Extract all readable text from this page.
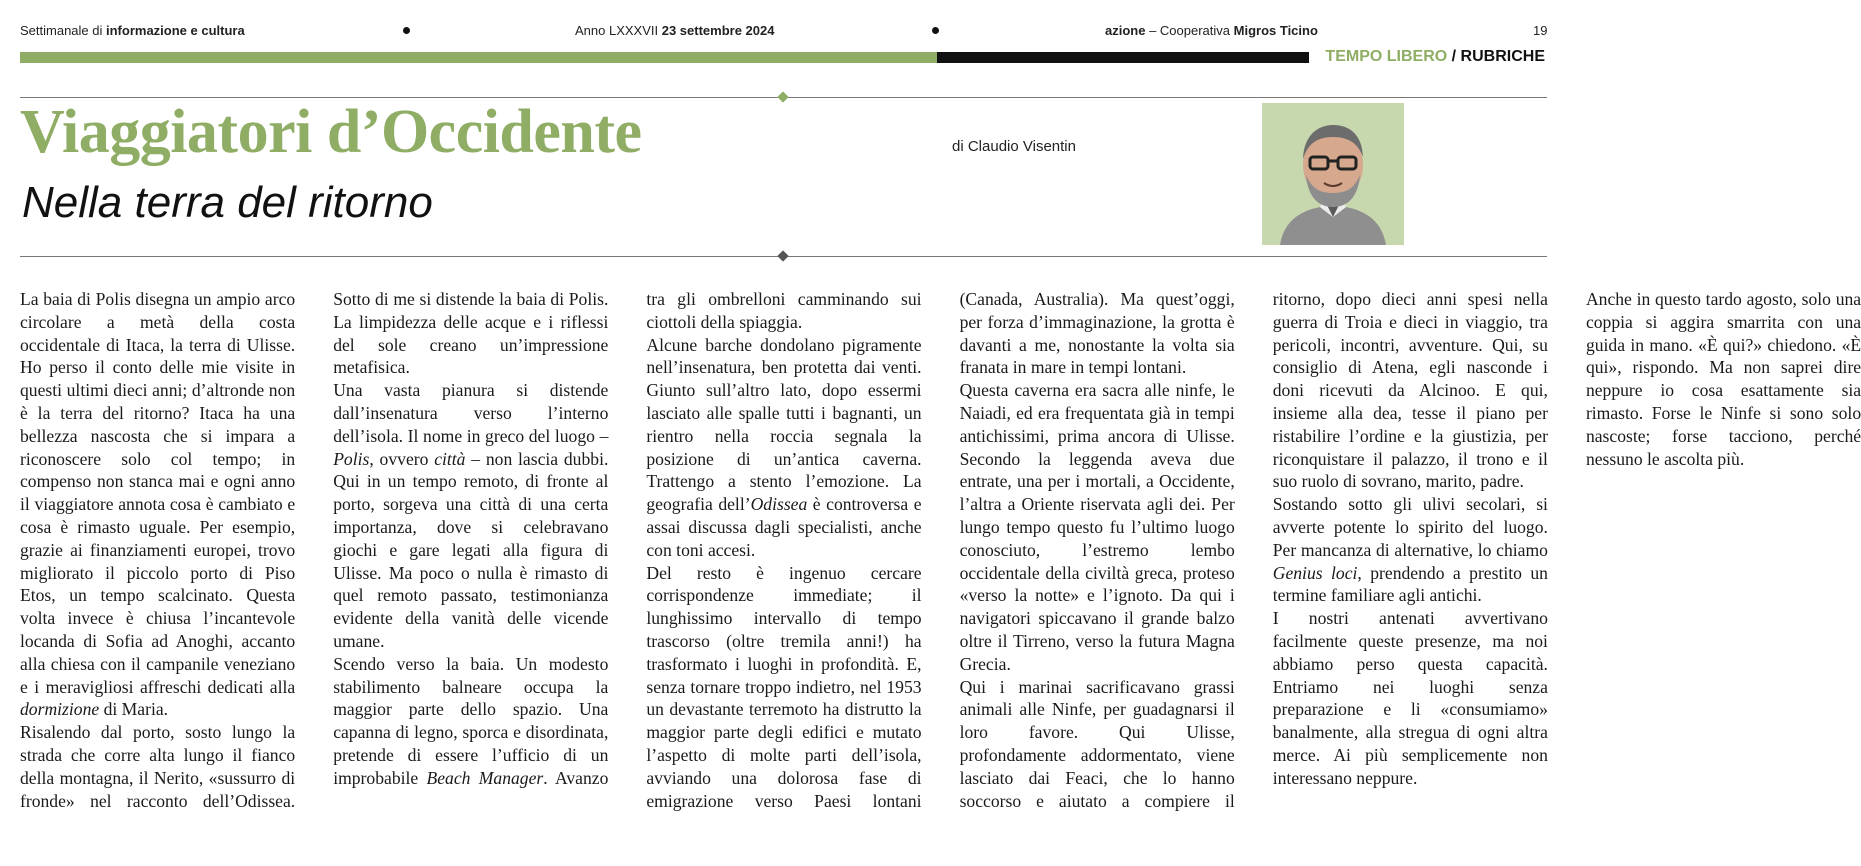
Settimanale di informazione e cultura	Anno LXXXVII 23 settembre 2024	azione – Cooperativa Migros Ticino	19
TEMPO LIBERO / RUBRICHE
Viaggiatori d’Occidente
Nella terra del ritorno
di Claudio Visentin

La baia di Polis disegna un ampio arco circolare a metà della costa occidentale di Itaca, la terra di Ulisse. Ho perso il conto delle mie visite in questi ultimi dieci anni; d’altronde non è la terra del ritorno? Itaca ha una bellezza nascosta che si impara a riconoscere solo col tempo; in compenso non stanca mai e ogni anno il viaggiatore annota cosa è cambiato e cosa è rimasto uguale. Per esempio, grazie ai finanziamenti europei, trovo migliorato il piccolo porto di Piso Etos, un tempo scalcinato. Questa volta invece è chiusa l’incantevole locanda di Sofia ad Anoghi, accanto alla chiesa con il campanile veneziano e i meravigliosi affreschi dedicati alla dormizione di Maria.

Risalendo dal porto, sosto lungo la strada che corre alta lungo il fianco della montagna, il Nerito, «sussurro di fronde» nel racconto dell’Odissea. Sotto di me si distende la baia di Polis. La limpidezza delle acque e i riflessi del sole creano un’impressione metafisica.

Una vasta pianura si distende dall’insenatura verso l’interno dell’isola. Il nome in greco del luogo – Polis, ovvero città – non lascia dubbi. Qui in un tempo remoto, di fronte al porto, sorgeva una città di una certa importanza, dove si celebravano giochi e gare legati alla figura di Ulisse. Ma poco o nulla è rimasto di quel remoto passato, testimonianza evidente della vanità delle vicende umane.

Scendo verso la baia. Un modesto stabilimento balneare occupa la maggior parte dello spazio. Una capanna di legno, sporca e disordinata, pretende di essere l’ufficio di un improbabile Beach Manager. Avanzo tra gli ombrelloni camminando sui ciottoli della spiaggia.

Alcune barche dondolano pigramente nell’insenatura, ben protetta dai venti. Giunto sull’altro lato, dopo essermi lasciato alle spalle tutti i bagnanti, un rientro nella roccia segnala la posizione di un’antica caverna. Trattengo a stento l’emozione. La geografia dell’Odissea è controversa e assai discussa dagli specialisti, anche con toni accesi.

Del resto è ingenuo cercare corrispondenze immediate; il lunghissimo intervallo di tempo trascorso (oltre tremila anni!) ha trasformato i luoghi in profondità. E, senza tornare troppo indietro, nel 1953 un devastante terremoto ha distrutto la maggior parte degli edifici e mutato l’aspetto di molte parti dell’isola, avviando una dolorosa fase di emigrazione verso Paesi lontani (Canada, Australia). Ma quest’oggi, per forza d’immaginazione, la grotta è davanti a me, nonostante la volta sia franata in mare in tempi lontani.

Questa caverna era sacra alle ninfe, le Naiadi, ed era frequentata già in tempi antichissimi, prima ancora di Ulisse. Secondo la leggenda aveva due entrate, una per i mortali, a Occidente, l’altra a Oriente riservata agli dei. Per lungo tempo questo fu l’ultimo luogo conosciuto, l’estremo lembo occidentale della civiltà greca, proteso «verso la notte» e l’ignoto. Da qui i navigatori spiccavano il grande balzo oltre il Tirreno, verso la futura Magna Grecia.

Qui i marinai sacrificavano grassi animali alle Ninfe, per guadagnarsi il loro favore. Qui Ulisse, profondamente addormentato, viene lasciato dai Feaci, che lo hanno soccorso e aiutato a compiere il ritorno, dopo dieci anni spesi nella guerra di Troia e dieci in viaggio, tra pericoli, incontri, avventure. Qui, su consiglio di Atena, egli nasconde i doni ricevuti da Alcinoo. E qui, insieme alla dea, tesse il piano per ristabilire l’ordine e la giustizia, per riconquistare il palazzo, il trono e il suo ruolo di sovrano, marito, padre.

Sostando sotto gli ulivi secolari, si avverte potente lo spirito del luogo. Per mancanza di alternative, lo chiamo Genius loci, prendendo a prestito un termine familiare agli antichi.

I nostri antenati avvertivano facilmente queste presenze, ma noi abbiamo perso questa capacità. Entriamo nei luoghi senza preparazione e li «consumiamo» banalmente, alla stregua di ogni altra merce. Ai più semplicemente non interessano neppure.

Anche in questo tardo agosto, solo una coppia si aggira smarrita con una guida in mano. «È qui?» chiedono. «È qui», rispondo. Ma non saprei dire neppure io cosa esattamente sia rimasto. Forse le Ninfe si sono solo nascoste; forse tacciono, perché nessuno le ascolta più.
